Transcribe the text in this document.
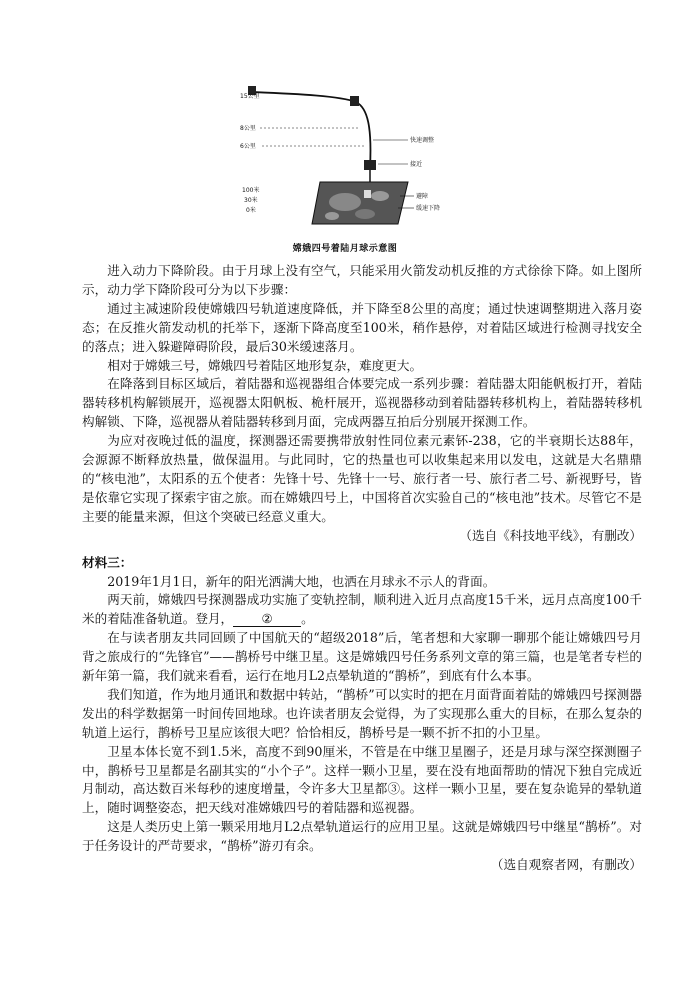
15公里
8公里
6公里
100米
30米
0米
快速调整
接近
避障
缓速下降
嫦娥四号着陆月球示意图

进入动力下降阶段。由于月球上没有空气，只能采用火箭发动机反推的方式徐徐下降。如上图所示，动力学下降阶段可分为以下步骤：

通过主减速阶段使嫦娥四号轨道速度降低，并下降至8公里的高度；通过快速调整期进入落月姿态；在反推火箭发动机的托举下，逐渐下降高度至100米，稍作悬停，对着陆区域进行检测寻找安全的落点；进入躲避障碍阶段，最后30米缓速落月。

相对于嫦娥三号，嫦娥四号着陆区地形复杂，难度更大。

在降落到目标区域后，着陆器和巡视器组合体要完成一系列步骤：着陆器太阳能帆板打开，着陆器转移机构解锁展开，巡视器太阳帆板、桅杆展开，巡视器移动到着陆器转移机构上，着陆器转移机构解锁、下降，巡视器从着陆器转移到月面，完成两器互拍后分别展开探测工作。

为应对夜晚过低的温度，探测器还需要携带放射性同位素元素钚-238，它的半衰期长达88年，会源源不断释放热量，做保温用。与此同时，它的热量也可以收集起来用以发电，这就是大名鼎鼎的“核电池”，太阳系的五个使者：先锋十号、先锋十一号、旅行者一号、旅行者二号、新视野号，皆是依靠它实现了探索宇宙之旅。而在嫦娥四号上，中国将首次实验自己的“核电池”技术。尽管它不是主要的能量来源，但这个突破已经意义重大。

（选自《科技地平线》，有删改）

材料三：

2019年1月1日，新年的阳光洒满大地，也洒在月球永不示人的背面。

两天前，嫦娥四号探测器成功实施了变轨控制，顺利进入近月点高度15千米，远月点高度100千米的着陆准备轨道。登月， ② 。

在与读者朋友共同回顾了中国航天的“超级2018”后，笔者想和大家聊一聊那个能让嫦娥四号月背之旅成行的“先锋官”——鹊桥号中继卫星。这是嫦娥四号任务系列文章的第三篇，也是笔者专栏的新年第一篇，我们就来看看，运行在地月L2点晕轨道的“鹊桥”，到底有什么本事。

我们知道，作为地月通讯和数据中转站，“鹊桥”可以实时的把在月面背面着陆的嫦娥四号探测器发出的科学数据第一时间传回地球。也许读者朋友会觉得，为了实现那么重大的目标，在那么复杂的轨道上运行，鹊桥号卫星应该很大吧？恰恰相反，鹊桥号是一颗不折不扣的小卫星。

卫星本体长宽不到1.5米，高度不到90厘米，不管是在中继卫星圈子，还是月球与深空探测圈子中，鹊桥号卫星都是名副其实的“小个子”。这样一颗小卫星，要在没有地面帮助的情况下独自完成近月制动，高达数百米每秒的速度增量，令许多大卫星都③。这样一颗小卫星，要在复杂诡异的晕轨道上，随时调整姿态，把天线对准嫦娥四号的着陆器和巡视器。

这是人类历史上第一颗采用地月L2点晕轨道运行的应用卫星。这就是嫦娥四号中继星“鹊桥”。对于任务设计的严苛要求，“鹊桥”游刃有余。

（选自观察者网，有删改）
